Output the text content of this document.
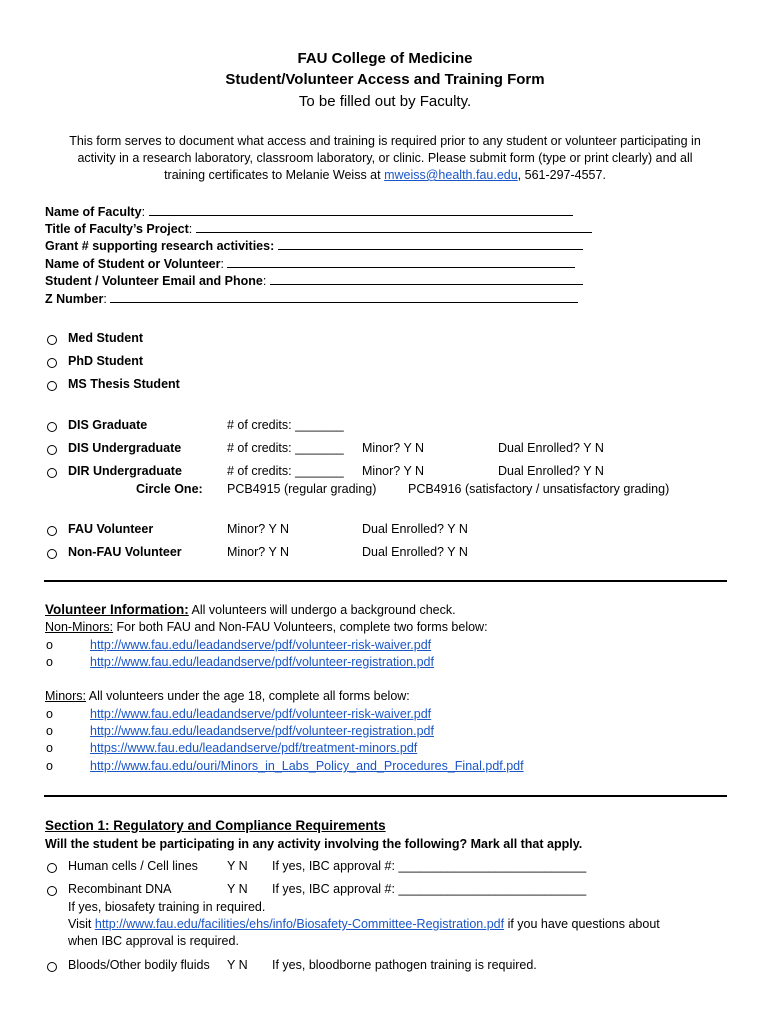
FAU College of Medicine
Student/Volunteer Access and Training Form
To be filled out by Faculty.
This form serves to document what access and training is required prior to any student or volunteer participating in activity in a research laboratory, classroom laboratory, or clinic. Please submit form (type or print clearly) and all training certificates to Melanie Weiss at mweiss@health.fau.edu, 561-297-4557.
Name of Faculty:
Title of Faculty’s Project:
Grant # supporting research activities:
Name of Student or Volunteer:
Student / Volunteer Email and Phone:
Z Number:
Med Student
PhD Student
MS Thesis Student
DIS Graduate	# of credits: _______
DIS Undergraduate	# of credits: _______ Minor? Y N	Dual Enrolled? Y N
DIR Undergraduate	# of credits: _______ Minor? Y N	Dual Enrolled? Y N
Circle One: PCB4915 (regular grading)	PCB4916 (satisfactory / unsatisfactory grading)
FAU Volunteer	Minor? Y N	Dual Enrolled? Y N
Non-FAU Volunteer	Minor? Y N	Dual Enrolled? Y N
Volunteer Information: All volunteers will undergo a background check.
Non-Minors: For both FAU and Non-FAU Volunteers, complete two forms below:
o	http://www.fau.edu/leadandserve/pdf/volunteer-risk-waiver.pdf
o	http://www.fau.edu/leadandserve/pdf/volunteer-registration.pdf
Minors: All volunteers under the age 18, complete all forms below:
o	http://www.fau.edu/leadandserve/pdf/volunteer-risk-waiver.pdf
o	http://www.fau.edu/leadandserve/pdf/volunteer-registration.pdf
o	https://www.fau.edu/leadandserve/pdf/treatment-minors.pdf
o	http://www.fau.edu/ouri/Minors_in_Labs_Policy_and_Procedures_Final.pdf.pdf
Section 1: Regulatory and Compliance Requirements
Will the student be participating in any activity involving the following? Mark all that apply.
Human cells / Cell lines Y N If yes, IBC approval #: ___________________________
Recombinant DNA	Y N If yes, IBC approval #: ___________________________
If yes, biosafety training in required.
Visit http://www.fau.edu/facilities/ehs/info/Biosafety-Committee-Registration.pdf if you have questions about
when IBC approval is required.
Bloods/Other bodily fluids Y N If yes, bloodborne pathogen training is required.
